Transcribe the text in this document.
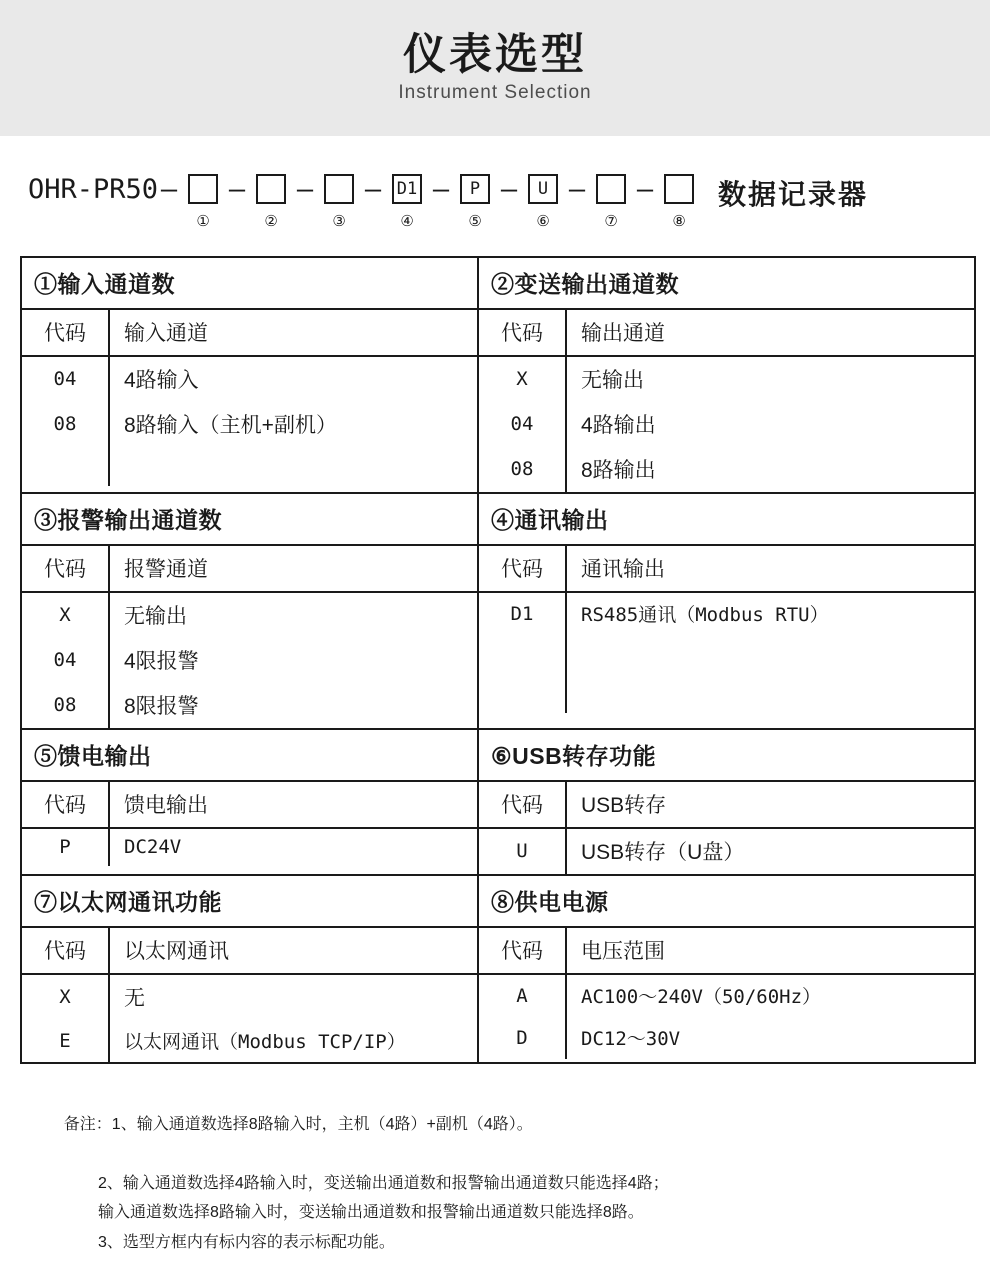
仪表选型
Instrument Selection
OHR-PR50 —
①
—
②
—
③
— D1
④
—	P
⑤
—	U
⑥
—
⑦
—
⑧
数据记录器
①输入通道数
代码	输入通道
04	4路输入
08	8路输入（主机+副机）

②变送输出通道数
代码	输出通道
X	无输出
04	4路输出
08	8路输出

③报警输出通道数
代码	报警通道
X	无输出
04	4限报警
08	8限报警

④通讯输出
代码	通讯输出
D1	RS485通讯（Modbus RTU）

⑤馈电输出
代码	馈电输出
P	DC24V

⑥USB转存功能
代码	USB转存
U	USB转存（U盘）

⑦以太网通讯功能
代码	以太网通讯
X	无
E	以太网通讯（Modbus TCP/IP）

⑧供电电源
代码	电压范围
A	AC100～240V（50/60Hz）
D	DC12～30V

备注：1、输入通道数选择8路输入时，主机（4路）+副机（4路）。

2、输入通道数选择4路输入时，变送输出通道数和报警输出通道数只能选择4路；
输入通道数选择8路输入时，变送输出通道数和报警输出通道数只能选择8路。
3、选型方框内有标内容的表示标配功能。
